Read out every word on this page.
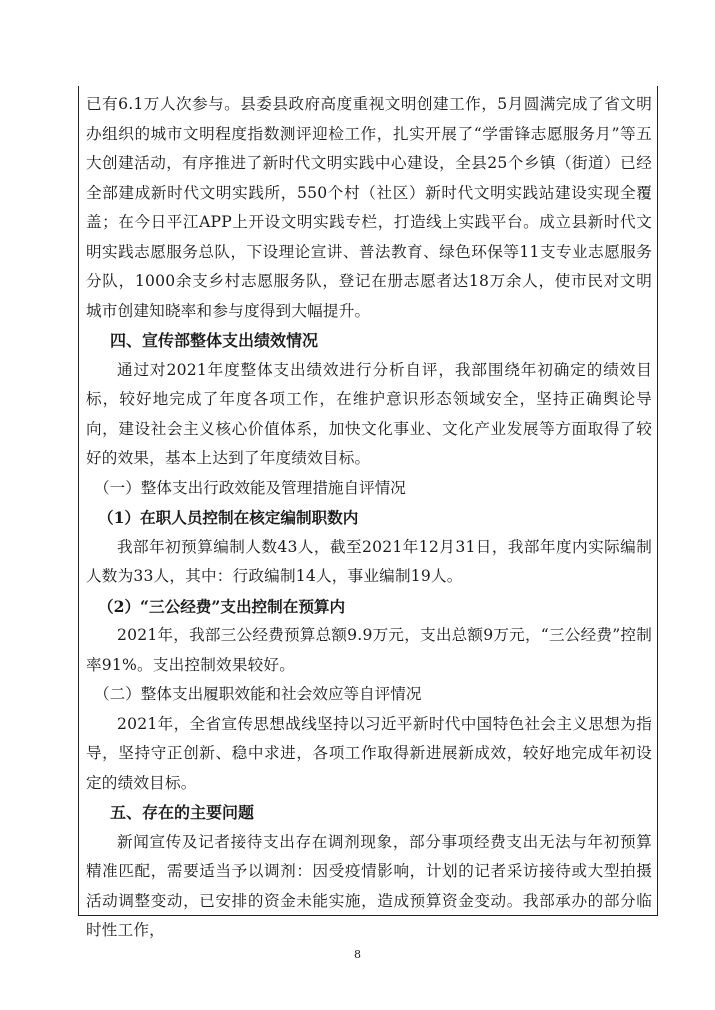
已有6.1万人次参与。县委县政府高度重视文明创建工作，5月圆满完成了省文明办组织的城市文明程度指数测评迎检工作，扎实开展了“学雷锋志愿服务月”等五大创建活动，有序推进了新时代文明实践中心建设，全县25个乡镇（街道）已经全部建成新时代文明实践所，550个村（社区）新时代文明实践站建设实现全覆盖；在今日平江APP上开设文明实践专栏，打造线上实践平台。成立县新时代文明实践志愿服务总队，下设理论宣讲、普法教育、绿色环保等11支专业志愿服务分队，1000余支乡村志愿服务队，登记在册志愿者达18万余人，使市民对文明城市创建知晓率和参与度得到大幅提升。

四、宣传部整体支出绩效情况

通过对2021年度整体支出绩效进行分析自评，我部围绕年初确定的绩效目标，较好地完成了年度各项工作，在维护意识形态领域安全，坚持正确舆论导向，建设社会主义核心价值体系，加快文化事业、文化产业发展等方面取得了较好的效果，基本上达到了年度绩效目标。

（一）整体支出行政效能及管理措施自评情况

（1）在职人员控制在核定编制职数内

我部年初预算编制人数43人，截至2021年12月31日，我部年度内实际编制人数为33人，其中：行政编制14人，事业编制19人。

（2）“三公经费”支出控制在预算内

2021年，我部三公经费预算总额9.9万元，支出总额9万元，“三公经费”控制率91%。支出控制效果较好。

（二）整体支出履职效能和社会效应等自评情况

2021年，全省宣传思想战线坚持以习近平新时代中国特色社会主义思想为指导，坚持守正创新、稳中求进，各项工作取得新进展新成效，较好地完成年初设定的绩效目标。

五、存在的主要问题

新闻宣传及记者接待支出存在调剂现象，部分事项经费支出无法与年初预算精准匹配，需要适当予以调剂：因受疫情影响，计划的记者采访接待或大型拍摄活动调整变动，已安排的资金未能实施，造成预算资金变动。我部承办的部分临时性工作，

8
